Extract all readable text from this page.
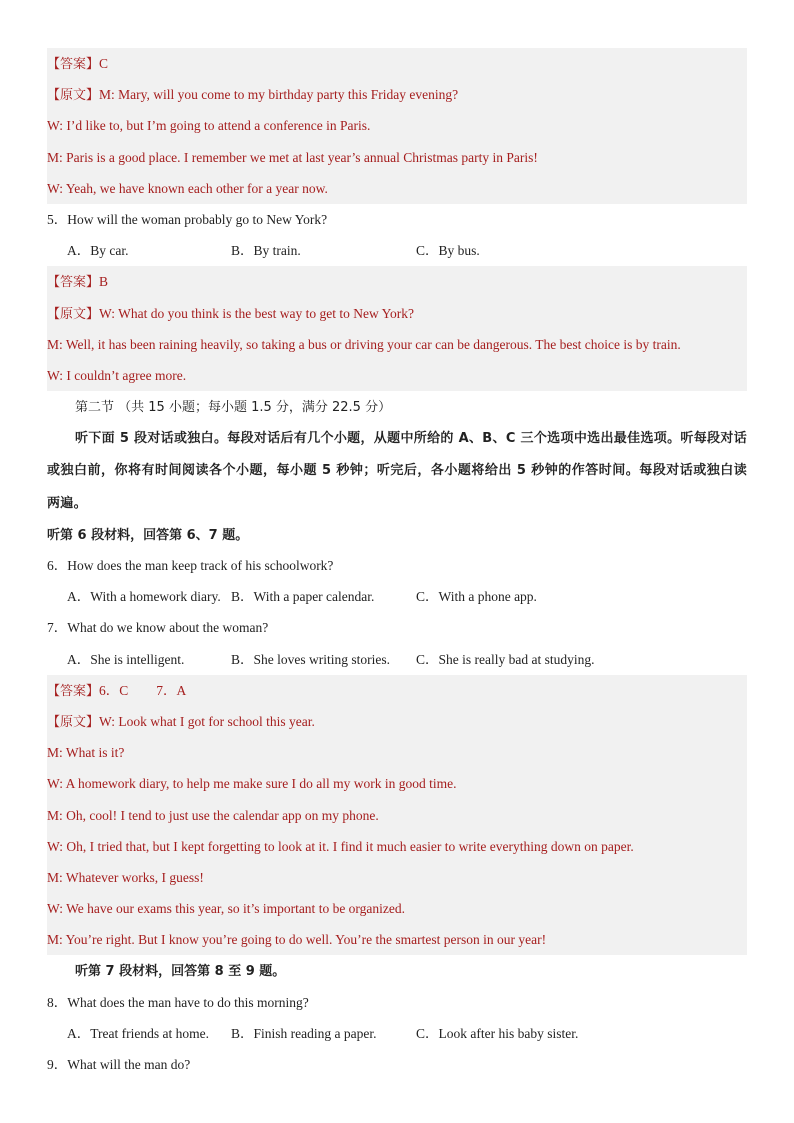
【答案】C
【原文】M: Mary, will you come to my birthday party this Friday evening?
W: I’d like to, but I’m going to attend a conference in Paris.
M: Paris is a good place. I remember we met at last year’s annual Christmas party in Paris!
W: Yeah, we have known each other for a year now.
5．How will the woman probably go to New York?
A．By car.	B．By train.	C．By bus.
【答案】B
【原文】W: What do you think is the best way to get to New York?
M: Well, it has been raining heavily, so taking a bus or driving your car can be dangerous. The best choice is by train.
W: I couldn’t agree more.
第二节 （共 15 小题；每小题 1.5 分，满分 22.5 分）
听下面 5 段对话或独白。每段对话后有几个小题，从题中所给的 A、B、C 三个选项中选出最佳选项。听每段对话或独白前，你将有时间阅读各个小题，每小题 5 秒钟；听完后，各小题将给出 5 秒钟的作答时间。每段对话或独白读两遍。
听第 6 段材料，回答第 6、7 题。
6．How does the man keep track of his schoolwork?
A．With a homework diary. B．With a paper calendar.	C．With a phone app.
7．What do we know about the woman?
A．She is intelligent.	B．She loves writing stories. C．She is really bad at studying.
【答案】6．C 7．A
【原文】W: Look what I got for school this year.
M: What is it?
W: A homework diary, to help me make sure I do all my work in good time.
M: Oh, cool! I tend to just use the calendar app on my phone.
W: Oh, I tried that, but I kept forgetting to look at it. I find it much easier to write everything down on paper.
M: Whatever works, I guess!
W: We have our exams this year, so it’s important to be organized.
M: You’re right. But I know you’re going to do well. You’re the smartest person in our year!
听第 7 段材料，回答第 8 至 9 题。
8．What does the man have to do this morning?
A．Treat friends at home. B．Finish reading a paper.	C．Look after his baby sister.
9．What will the man do?
